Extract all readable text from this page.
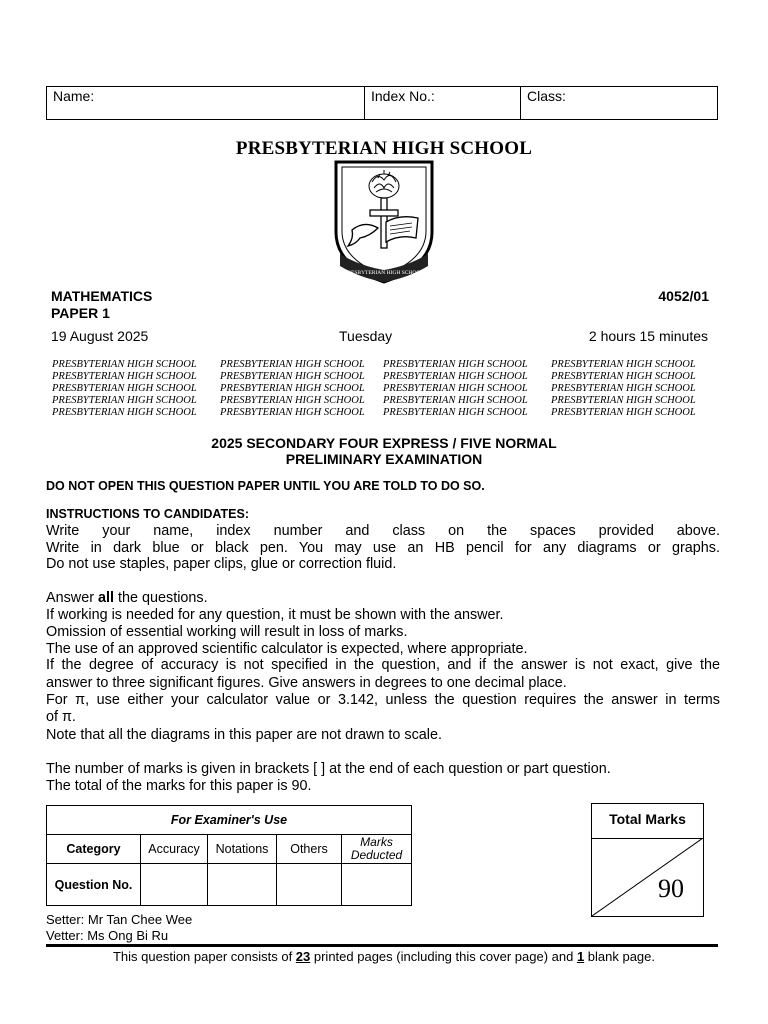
Name:	Index No.:	Class:
PRESBYTERIAN HIGH SCHOOL
PRESBYTERIAN HIGH SCHOOL
MATHEMATICS
PAPER 1
4052/01
19 August 2025	Tuesday	2 hours 15 minutes
PRESBYTERIAN HIGH SCHOOL	PRESBYTERIAN HIGH SCHOOL	PRESBYTERIAN HIGH SCHOOL	PRESBYTERIAN HIGH SCHOOL
PRESBYTERIAN HIGH SCHOOL	PRESBYTERIAN HIGH SCHOOL	PRESBYTERIAN HIGH SCHOOL	PRESBYTERIAN HIGH SCHOOL
PRESBYTERIAN HIGH SCHOOL	PRESBYTERIAN HIGH SCHOOL	PRESBYTERIAN HIGH SCHOOL	PRESBYTERIAN HIGH SCHOOL
PRESBYTERIAN HIGH SCHOOL	PRESBYTERIAN HIGH SCHOOL	PRESBYTERIAN HIGH SCHOOL	PRESBYTERIAN HIGH SCHOOL
PRESBYTERIAN HIGH SCHOOL	PRESBYTERIAN HIGH SCHOOL	PRESBYTERIAN HIGH SCHOOL	PRESBYTERIAN HIGH SCHOOL
2025 SECONDARY FOUR EXPRESS / FIVE NORMAL
PRELIMINARY EXAMINATION
DO NOT OPEN THIS QUESTION PAPER UNTIL YOU ARE TOLD TO DO SO.
INSTRUCTIONS TO CANDIDATES:
Write your name, index number and class on the spaces provided above.
Write in dark blue or black pen. You may use an HB pencil for any diagrams or graphs.
Do not use staples, paper clips, glue or correction fluid.
Answer all the questions.
If working is needed for any question, it must be shown with the answer.
Omission of essential working will result in loss of marks.
The use of an approved scientific calculator is expected, where appropriate.
If the degree of accuracy is not specified in the question, and if the answer is not exact, give the
answer to three significant figures. Give answers in degrees to one decimal place.
For π, use either your calculator value or 3.142, unless the question requires the answer in terms
of π.
Note that all the diagrams in this paper are not drawn to scale.
The number of marks is given in brackets [ ] at the end of each question or part question.
The total of the marks for this paper is 90.
For Examiner's Use				
Category	Accuracy	Notations	Others	Marks Deducted
Question No.				
Total Marks
90
Setter: Mr Tan Chee Wee
Vetter: Ms Ong Bi Ru
This question paper consists of 23 printed pages (including this cover page) and 1 blank page.
